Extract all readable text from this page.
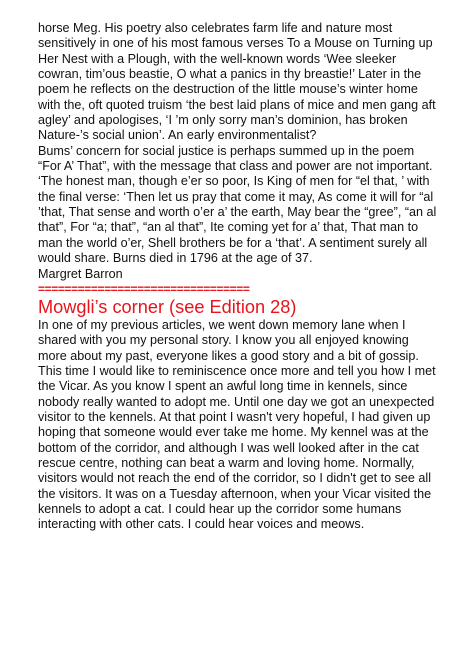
horse Meg. His poetry also celebrates farm life and nature most sensitively in one of his most famous verses To a Mouse on Turning up Her Nest with a Plough, with the well-known words ‘Wee sleeker cowran, tim’ous beastie, O what a panics in thy breastie!’ Later in the poem he reflects on the destruction of the little mouse’s winter home with the, oft quoted truism ‘the best laid plans of mice and men gang aft agley’ and apologises, ‘I ’m only sorry man’s dominion, has broken Nature-’s social union’. An early environmentalist?

Bums’ concern for social justice is perhaps summed up in the poem “For A’ That”, with the message that class and power are not important. ‘The honest man, though e’er so poor, Is King of men for “el that, ’ with the final verse: ‘Then let us pray that come it may, As come it will for “al ’that, That sense and worth o’er a’ the earth, May bear the “gree”, “an al that”, For “a; that”, “an al that”, Ite coming yet for a’ that, That man to man the world o’er, Shell brothers be for a ‘that’. A sentiment surely all would share. Burns died in 1796 at the age of 37.

Margret Barron

================================
Mowgli’s corner (see Edition 28)

In one of my previous articles, we went down memory lane when I shared with you my personal story. I know you all enjoyed knowing more about my past, everyone likes a good story and a bit of gossip. This time I would like to reminiscence once more and tell you how I met the Vicar. As you know I spent an awful long time in kennels, since nobody really wanted to adopt me. Until one day we got an unexpected visitor to the kennels. At that point I wasn't very hopeful, I had given up hoping that someone would ever take me home. My kennel was at the bottom of the corridor, and although I was well looked after in the cat rescue centre, nothing can beat a warm and loving home. Normally, visitors would not reach the end of the corridor, so I didn't get to see all the visitors. It was on a Tuesday afternoon, when your Vicar visited the kennels to adopt a cat. I could hear up the corridor some humans interacting with other cats. I could hear voices and meows.
